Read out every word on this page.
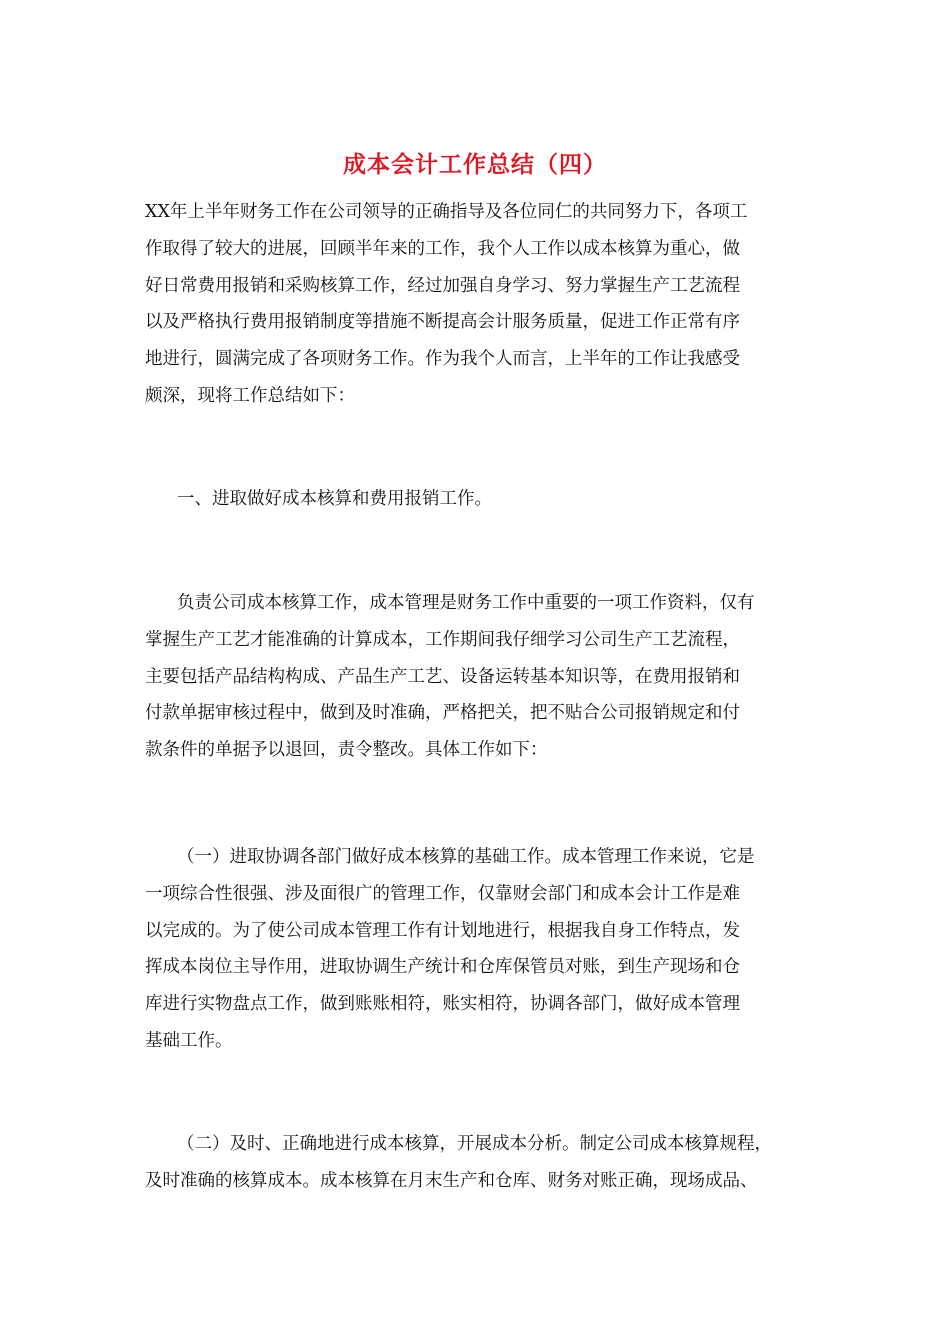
成本会计工作总结（四）
XX年上半年财务工作在公司领导的正确指导及各位同仁的共同努力下，各项工
作取得了较大的进展，回顾半年来的工作，我个人工作以成本核算为重心，做
好日常费用报销和采购核算工作，经过加强自身学习、努力掌握生产工艺流程
以及严格执行费用报销制度等措施不断提高会计服务质量，促进工作正常有序
地进行，圆满完成了各项财务工作。作为我个人而言，上半年的工作让我感受
颇深，现将工作总结如下：
一、进取做好成本核算和费用报销工作。
负责公司成本核算工作，成本管理是财务工作中重要的一项工作资料，仅有
掌握生产工艺才能准确的计算成本，工作期间我仔细学习公司生产工艺流程，
主要包括产品结构构成、产品生产工艺、设备运转基本知识等，在费用报销和
付款单据审核过程中，做到及时准确，严格把关，把不贴合公司报销规定和付
款条件的单据予以退回，责令整改。具体工作如下：
（一）进取协调各部门做好成本核算的基础工作。成本管理工作来说，它是
一项综合性很强、涉及面很广的管理工作，仅靠财会部门和成本会计工作是难
以完成的。为了使公司成本管理工作有计划地进行，根据我自身工作特点，发
挥成本岗位主导作用，进取协调生产统计和仓库保管员对账，到生产现场和仓
库进行实物盘点工作，做到账账相符，账实相符，协调各部门，做好成本管理
基础工作。
（二）及时、正确地进行成本核算，开展成本分析。制定公司成本核算规程，
及时准确的核算成本。成本核算在月末生产和仓库、财务对账正确，现场成品、
